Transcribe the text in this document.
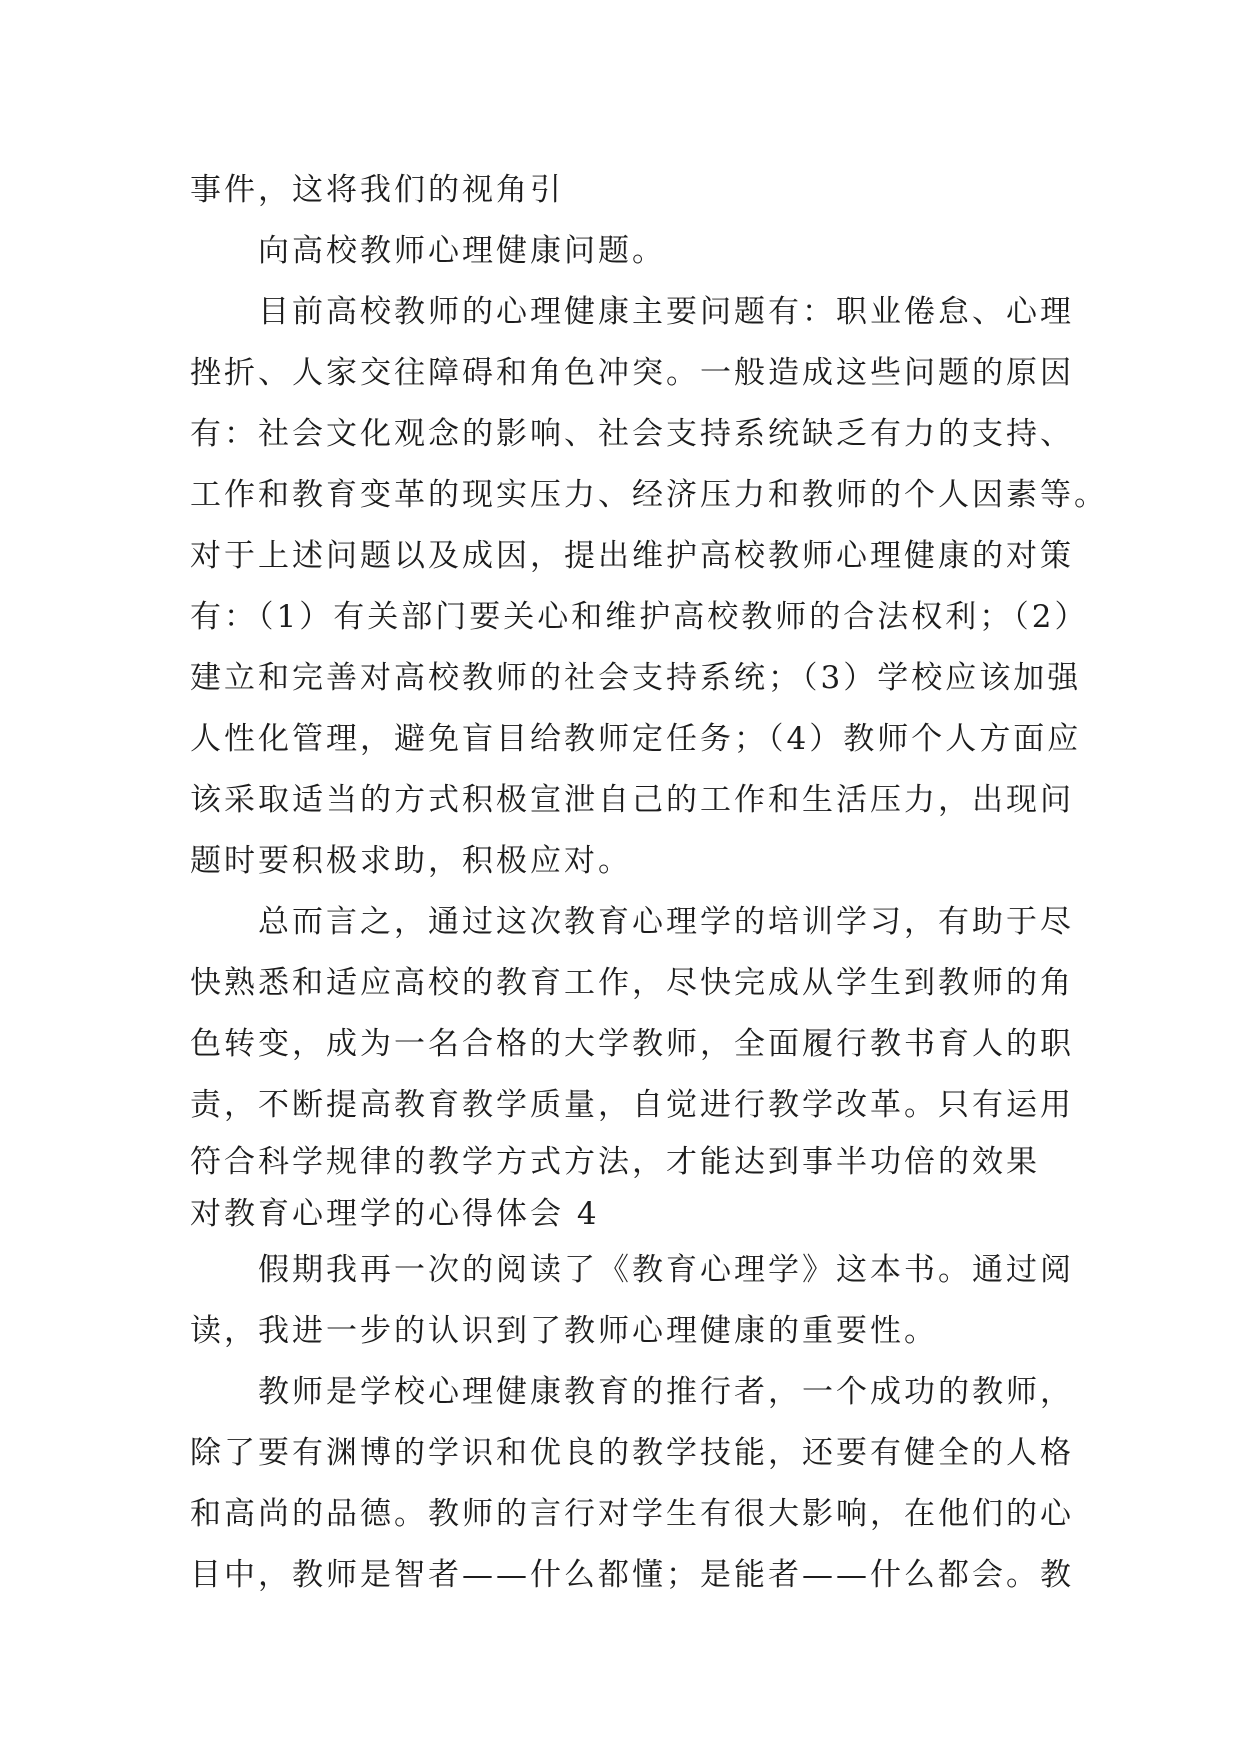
事件，这将我们的视角引
向高校教师心理健康问题。
目前高校教师的心理健康主要问题有：职业倦怠、心理
挫折、人家交往障碍和角色冲突。一般造成这些问题的原因
有：社会文化观念的影响、社会支持系统缺乏有力的支持、
工作和教育变革的现实压力、经济压力和教师的个人因素等。
对于上述问题以及成因，提出维护高校教师心理健康的对策
有：（1）有关部门要关心和维护高校教师的合法权利；（2）
建立和完善对高校教师的社会支持系统；（3）学校应该加强
人性化管理，避免盲目给教师定任务；（4）教师个人方面应
该采取适当的方式积极宣泄自己的工作和生活压力，出现问
题时要积极求助，积极应对。
总而言之，通过这次教育心理学的培训学习，有助于尽
快熟悉和适应高校的教育工作，尽快完成从学生到教师的角
色转变，成为一名合格的大学教师，全面履行教书育人的职
责，不断提高教育教学质量，自觉进行教学改革。只有运用
符合科学规律的教学方式方法，才能达到事半功倍的效果
对教育心理学的心得体会 4
假期我再一次的阅读了《教育心理学》这本书。通过阅
读，我进一步的认识到了教师心理健康的重要性。
教师是学校心理健康教育的推行者，一个成功的教师，
除了要有渊博的学识和优良的教学技能，还要有健全的人格
和高尚的品德。教师的言行对学生有很大影响，在他们的心
目中，教师是智者——什么都懂；是能者——什么都会。教
